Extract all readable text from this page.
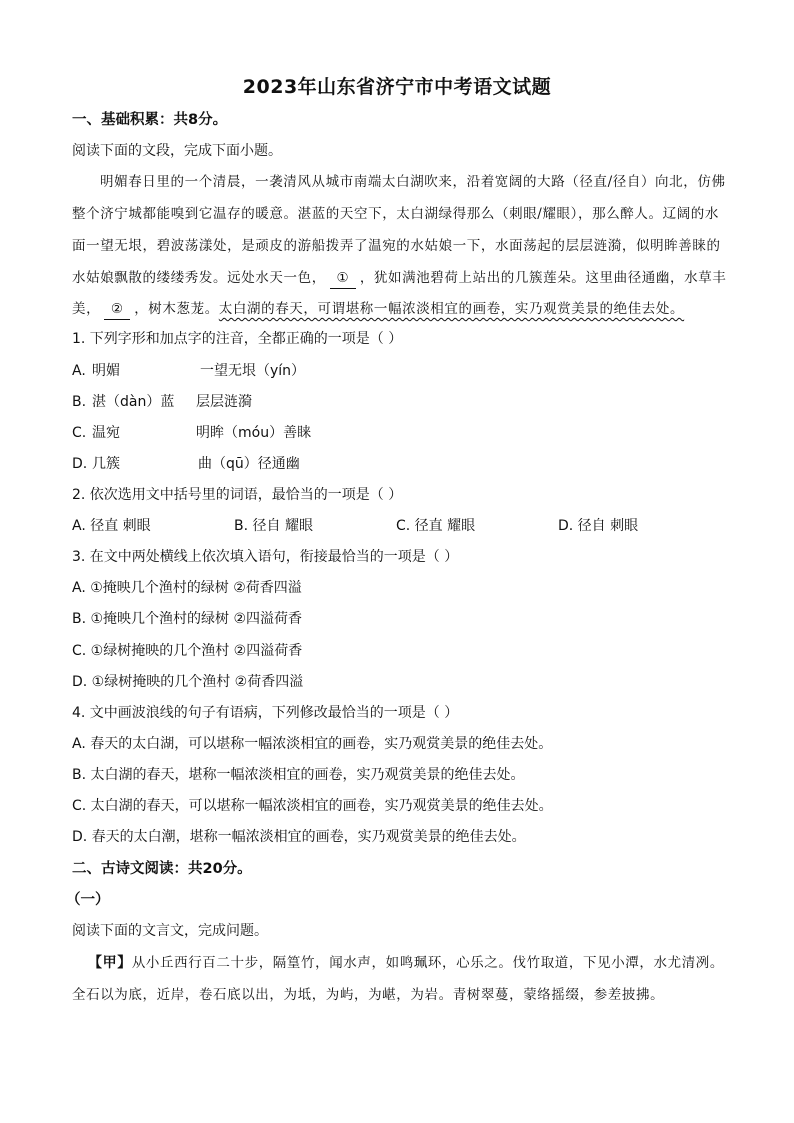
2023年山东省济宁市中考语文试题
一、基础积累：共8分。
阅读下面的文段，完成下面小题。
明媚春日里的一个清晨，一袭清风从城市南端太白湖吹来，沿着宽阔的大路（径直/径自）向北，仿佛
整个济宁城都能嗅到它温存的暖意。湛蓝的天空下，太白湖绿得那么（刺眼/耀眼），那么醉人。辽阔的水
面一望无垠，碧波荡漾处，是顽皮的游船拨弄了温宛的水姑娘一下，水面荡起的层层涟漪，似明眸善睐的
水姑娘飘散的缕缕秀发。远处水天一色， ① ，犹如满池碧荷上站出的几簇莲朵。这里曲径通幽，水草丰
美， ② ，树木葱茏。太白湖的春天，可谓堪称一幅浓淡相宜的画卷，实乃观赏美景的绝佳去处。
1. 下列字形和加点字的注音，全都正确的一项是（ ）
A. 明媚	一望无垠（yín）
B. 湛（dàn）蓝 层层涟漪
C. 温宛	明眸（móu）善睐
D. 几簇	曲（qū）径通幽
2. 依次选用文中括号里的词语，最恰当的一项是（ ）
A. 径直 刺眼	B. 径自 耀眼	C. 径直 耀眼	D. 径自 刺眼
3. 在文中两处横线上依次填入语句，衔接最恰当的一项是（ ）
A. ①掩映几个渔村的绿树 ②荷香四溢
B. ①掩映几个渔村的绿树 ②四溢荷香
C. ①绿树掩映的几个渔村 ②四溢荷香
D. ①绿树掩映的几个渔村 ②荷香四溢
4. 文中画波浪线的句子有语病，下列修改最恰当的一项是（ ）
A. 春天的太白湖，可以堪称一幅浓淡相宜的画卷，实乃观赏美景的绝佳去处。
B. 太白湖的春天，堪称一幅浓淡相宜的画卷，实乃观赏美景的绝佳去处。
C. 太白湖的春天，可以堪称一幅浓淡相宜的画卷，实乃观赏美景的绝佳去处。
D. 春天的太白潮，堪称一幅浓淡相宜的画卷，实乃观赏美景的绝佳去处。
二、古诗文阅读：共20分。
（一）
阅读下面的文言文，完成问题。
【甲】从小丘西行百二十步，隔篁竹，闻水声，如鸣珮环，心乐之。伐竹取道，下见小潭，水尤清冽。
全石以为底，近岸，卷石底以出，为坻，为屿，为嵁，为岩。青树翠蔓，蒙络摇缀，参差披拂。
